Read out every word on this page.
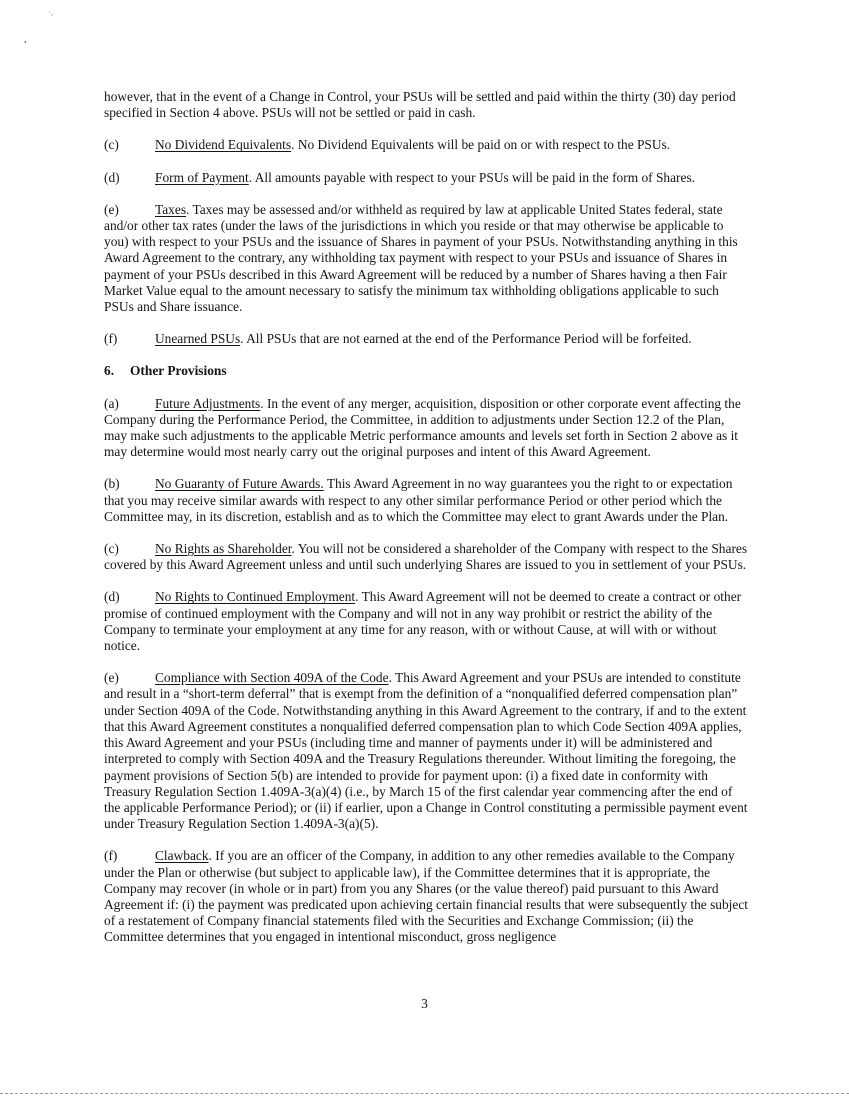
·‚
•

however, that in the event of a Change in Control, your PSUs will be settled and paid within the thirty (30) day period specified in Section 4 above. PSUs will not be settled or paid in cash.

(c)	No Dividend Equivalents. No Dividend Equivalents will be paid on or with respect to the PSUs.

(d)	Form of Payment. All amounts payable with respect to your PSUs will be paid in the form of Shares.

(e)	Taxes. Taxes may be assessed and/or withheld as required by law at applicable United States federal, state and/or other tax rates (under the laws of the jurisdictions in which you reside or that may otherwise be applicable to you) with respect to your PSUs and the issuance of Shares in payment of your PSUs. Notwithstanding anything in this Award Agreement to the contrary, any withholding tax payment with respect to your PSUs and issuance of Shares in payment of your PSUs described in this Award Agreement will be reduced by a number of Shares having a then Fair Market Value equal to the amount necessary to satisfy the minimum tax withholding obligations applicable to such PSUs and Share issuance.

(f)	Unearned PSUs. All PSUs that are not earned at the end of the Performance Period will be forfeited.

6. Other Provisions

(a)	Future Adjustments. In the event of any merger, acquisition, disposition or other corporate event affecting the Company during the Performance Period, the Committee, in addition to adjustments under Section 12.2 of the Plan, may make such adjustments to the applicable Metric performance amounts and levels set forth in Section 2 above as it may determine would most nearly carry out the original purposes and intent of this Award Agreement.

(b)	No Guaranty of Future Awards. This Award Agreement in no way guarantees you the right to or expectation that you may receive similar awards with respect to any other similar performance Period or other period which the Committee may, in its discretion, establish and as to which the Committee may elect to grant Awards under the Plan.

(c)	No Rights as Shareholder. You will not be considered a shareholder of the Company with respect to the Shares covered by this Award Agreement unless and until such underlying Shares are issued to you in settlement of your PSUs.

(d)	No Rights to Continued Employment. This Award Agreement will not be deemed to create a contract or other promise of continued employment with the Company and will not in any way prohibit or restrict the ability of the Company to terminate your employment at any time for any reason, with or without Cause, at will with or without notice.

(e)	Compliance with Section 409A of the Code. This Award Agreement and your PSUs are intended to constitute and result in a “short-term deferral” that is exempt from the definition of a “nonqualified deferred compensation plan” under Section 409A of the Code. Notwithstanding anything in this Award Agreement to the contrary, if and to the extent that this Award Agreement constitutes a nonqualified deferred compensation plan to which Code Section 409A applies, this Award Agreement and your PSUs (including time and manner of payments under it) will be administered and interpreted to comply with Section 409A and the Treasury Regulations thereunder. Without limiting the foregoing, the payment provisions of Section 5(b) are intended to provide for payment upon: (i) a fixed date in conformity with Treasury Regulation Section 1.409A-3(a)(4) (i.e., by March 15 of the first calendar year commencing after the end of the applicable Performance Period); or (ii) if earlier, upon a Change in Control constituting a permissible payment event under Treasury Regulation Section 1.409A-3(a)(5).

(f)	Clawback. If you are an officer of the Company, in addition to any other remedies available to the Company under the Plan or otherwise (but subject to applicable law), if the Committee determines that it is appropriate, the Company may recover (in whole or in part) from you any Shares (or the value thereof) paid pursuant to this Award Agreement if: (i) the payment was predicated upon achieving certain financial results that were subsequently the subject of a restatement of Company financial statements filed with the Securities and Exchange Commission; (ii) the Committee determines that you engaged in intentional misconduct, gross negligence

3
